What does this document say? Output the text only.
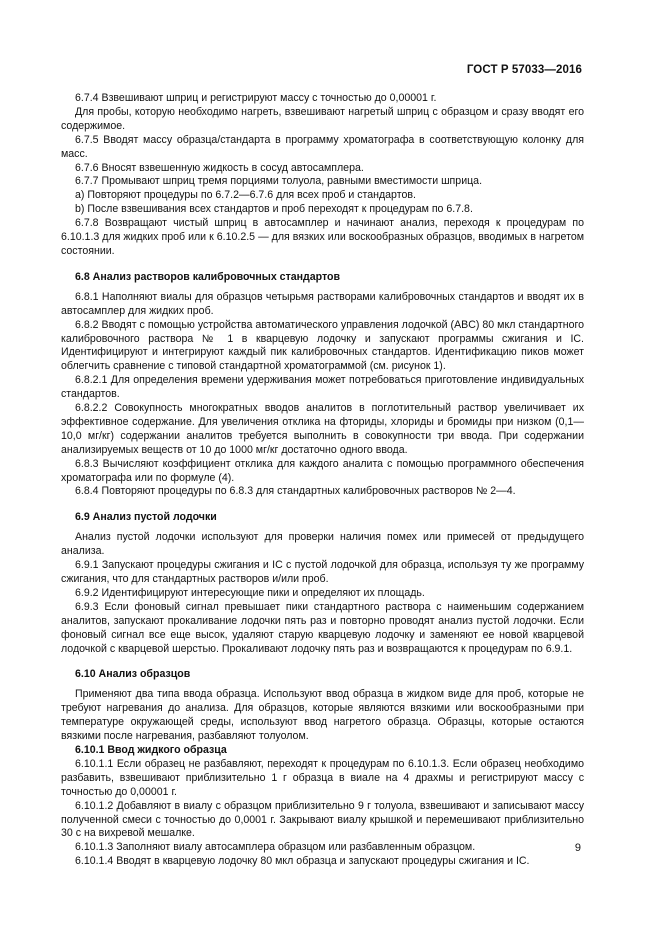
ГОСТ Р 57033—2016
6.7.4 Взвешивают шприц и регистрируют массу с точностью до 0,00001 г.
Для пробы, которую необходимо нагреть, взвешивают нагретый шприц с образцом и сразу вводят его содержимое.
6.7.5 Вводят массу образца/стандарта в программу хроматографа в соответствующую колонку для масс.
6.7.6 Вносят взвешенную жидкость в сосуд автосамплера.
6.7.7 Промывают шприц тремя порциями толуола, равными вместимости шприца.
a) Повторяют процедуры по 6.7.2—6.7.6 для всех проб и стандартов.
b) После взвешивания всех стандартов и проб переходят к процедурам по 6.7.8.
6.7.8 Возвращают чистый шприц в автосамплер и начинают анализ, переходя к процедурам по 6.10.1.3 для жидких проб или к 6.10.2.5 — для вязких или воскообразных образцов, вводимых в нагретом состоянии.
6.8 Анализ растворов калибровочных стандартов
6.8.1 Наполняют виалы для образцов четырьмя растворами калибровочных стандартов и вводят их в автосамплер для жидких проб.
6.8.2 Вводят с помощью устройства автоматического управления лодочкой (ABC) 80 мкл стандартного калибровочного раствора № 1 в кварцевую лодочку и запускают программы сжигания и IC. Идентифицируют и интегрируют каждый пик калибровочных стандартов. Идентификацию пиков может облегчить сравнение с типовой стандартной хроматограммой (см. рисунок 1).
6.8.2.1 Для определения времени удерживания может потребоваться приготовление индивидуальных стандартов.
6.8.2.2 Совокупность многократных вводов аналитов в поглотительный раствор увеличивает их эффективное содержание. Для увеличения отклика на фториды, хлориды и бромиды при низком (0,1—10,0 мг/кг) содержании аналитов требуется выполнить в совокупности три ввода. При содержании анализируемых веществ от 10 до 1000 мг/кг достаточно одного ввода.
6.8.3 Вычисляют коэффициент отклика для каждого аналита с помощью программного обеспечения хроматографа или по формуле (4).
6.8.4 Повторяют процедуры по 6.8.3 для стандартных калибровочных растворов № 2—4.
6.9 Анализ пустой лодочки
Анализ пустой лодочки используют для проверки наличия помех или примесей от предыдущего анализа.
6.9.1 Запускают процедуры сжигания и IC с пустой лодочкой для образца, используя ту же программу сжигания, что для стандартных растворов и/или проб.
6.9.2 Идентифицируют интересующие пики и определяют их площадь.
6.9.3 Если фоновый сигнал превышает пики стандартного раствора с наименьшим содержанием аналитов, запускают прокаливание лодочки пять раз и повторно проводят анализ пустой лодочки. Если фоновый сигнал все еще высок, удаляют старую кварцевую лодочку и заменяют ее новой кварцевой лодочкой с кварцевой шерстью. Прокаливают лодочку пять раз и возвращаются к процедурам по 6.9.1.
6.10 Анализ образцов
Применяют два типа ввода образца. Используют ввод образца в жидком виде для проб, которые не требуют нагревания до анализа. Для образцов, которые являются вязкими или воскообразными при температуре окружающей среды, используют ввод нагретого образца. Образцы, которые остаются вязкими после нагревания, разбавляют толуолом.
6.10.1 Ввод жидкого образца
6.10.1.1 Если образец не разбавляют, переходят к процедурам по 6.10.1.3. Если образец необходимо разбавить, взвешивают приблизительно 1 г образца в виале на 4 драхмы и регистрируют массу с точностью до 0,00001 г.
6.10.1.2 Добавляют в виалу с образцом приблизительно 9 г толуола, взвешивают и записывают массу полученной смеси с точностью до 0,0001 г. Закрывают виалу крышкой и перемешивают приблизительно 30 с на вихревой мешалке.
6.10.1.3 Заполняют виалу автосамплера образцом или разбавленным образцом.
6.10.1.4 Вводят в кварцевую лодочку 80 мкл образца и запускают процедуры сжигания и IC.
9
